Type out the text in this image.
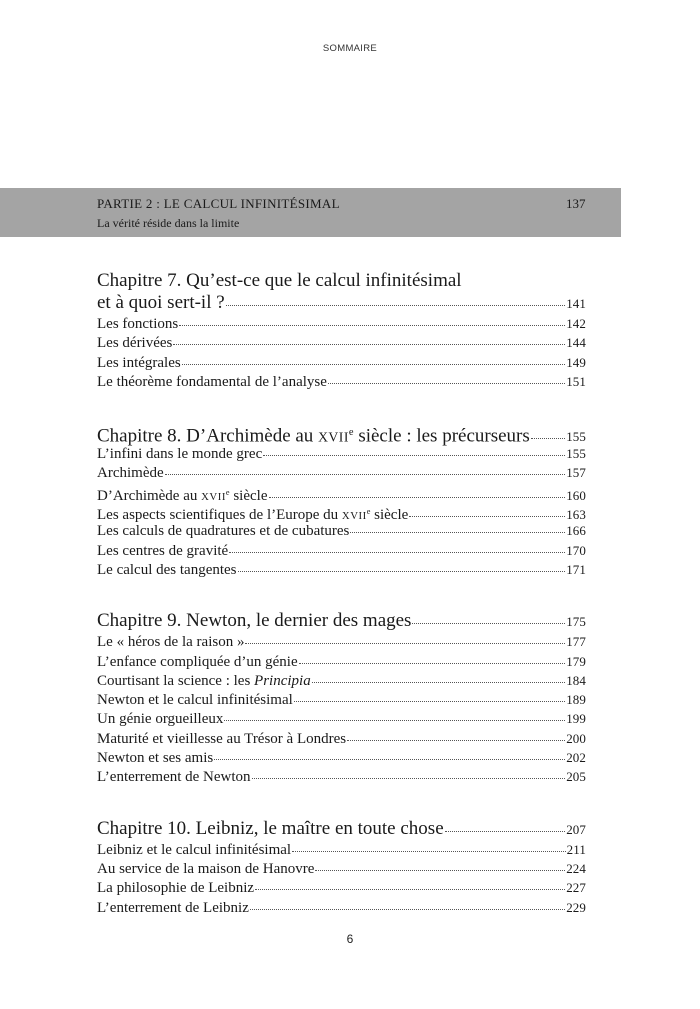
SOMMAIRE
PARTIE 2 : LE CALCUL INFINITÉSIMAL	137
La vérité réside dans la limite
Chapitre 7. Qu’est-ce que le calcul infinitésimal
et à quoi sert-il ?	141
Les fonctions	142
Les dérivées	144
Les intégrales	149
Le théorème fondamental de l’analyse	151
Chapitre 8. D’Archimède au XVIIe siècle : les précurseurs	155
L’infini dans le monde grec	155
Archimède	157
D’Archimède au XVIIe siècle	160
Les aspects scientifiques de l’Europe du XVIIe siècle	163
Les calculs de quadratures et de cubatures	166
Les centres de gravité	170
Le calcul des tangentes	171
Chapitre 9. Newton, le dernier des mages	175
Le « héros de la raison »	177
L’enfance compliquée d’un génie	179
Courtisant la science : les Principia	184
Newton et le calcul infinitésimal	189
Un génie orgueilleux	199
Maturité et vieillesse au Trésor à Londres	200
Newton et ses amis	202
L’enterrement de Newton	205
Chapitre 10. Leibniz, le maître en toute chose	207
Leibniz et le calcul infinitésimal	211
Au service de la maison de Hanovre	224
La philosophie de Leibniz	227
L’enterrement de Leibniz	229
6
